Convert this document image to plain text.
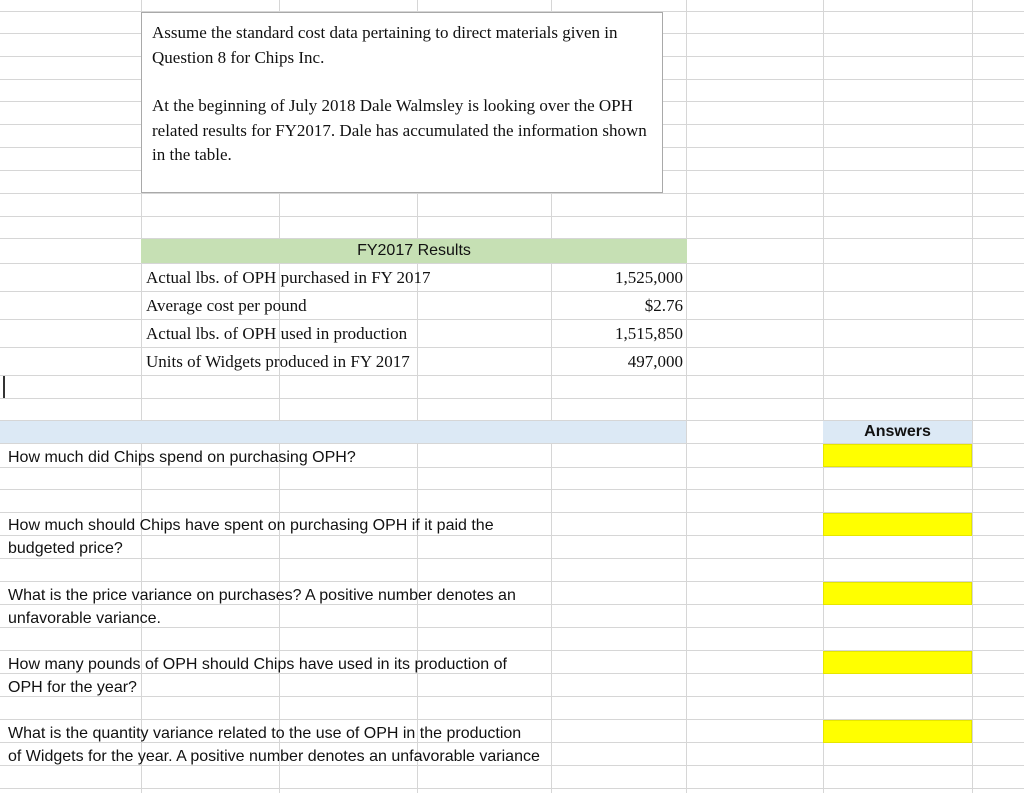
Assume the standard cost data pertaining to direct materials given in Question 8 for Chips Inc.

At the beginning of July 2018 Dale Walmsley is looking over the OPH related results for FY2017. Dale has accumulated the information shown in the table.

FY2017 Results
Actual lbs. of OPH purchased in FY 2017	1,525,000
Average cost per pound	$2.76
Actual lbs. of OPH used in production	1,515,850
Units of Widgets produced in FY 2017	497,000
Answers
How much did Chips spend on purchasing OPH?
How much should Chips have spent on purchasing OPH if it paid the
budgeted price?
What is the price variance on purchases? A positive number denotes an
unfavorable variance.
How many pounds of OPH should Chips have used in its production of
OPH for the year?
What is the quantity variance related to the use of OPH in the production
of Widgets for the year. A positive number denotes an unfavorable variance
